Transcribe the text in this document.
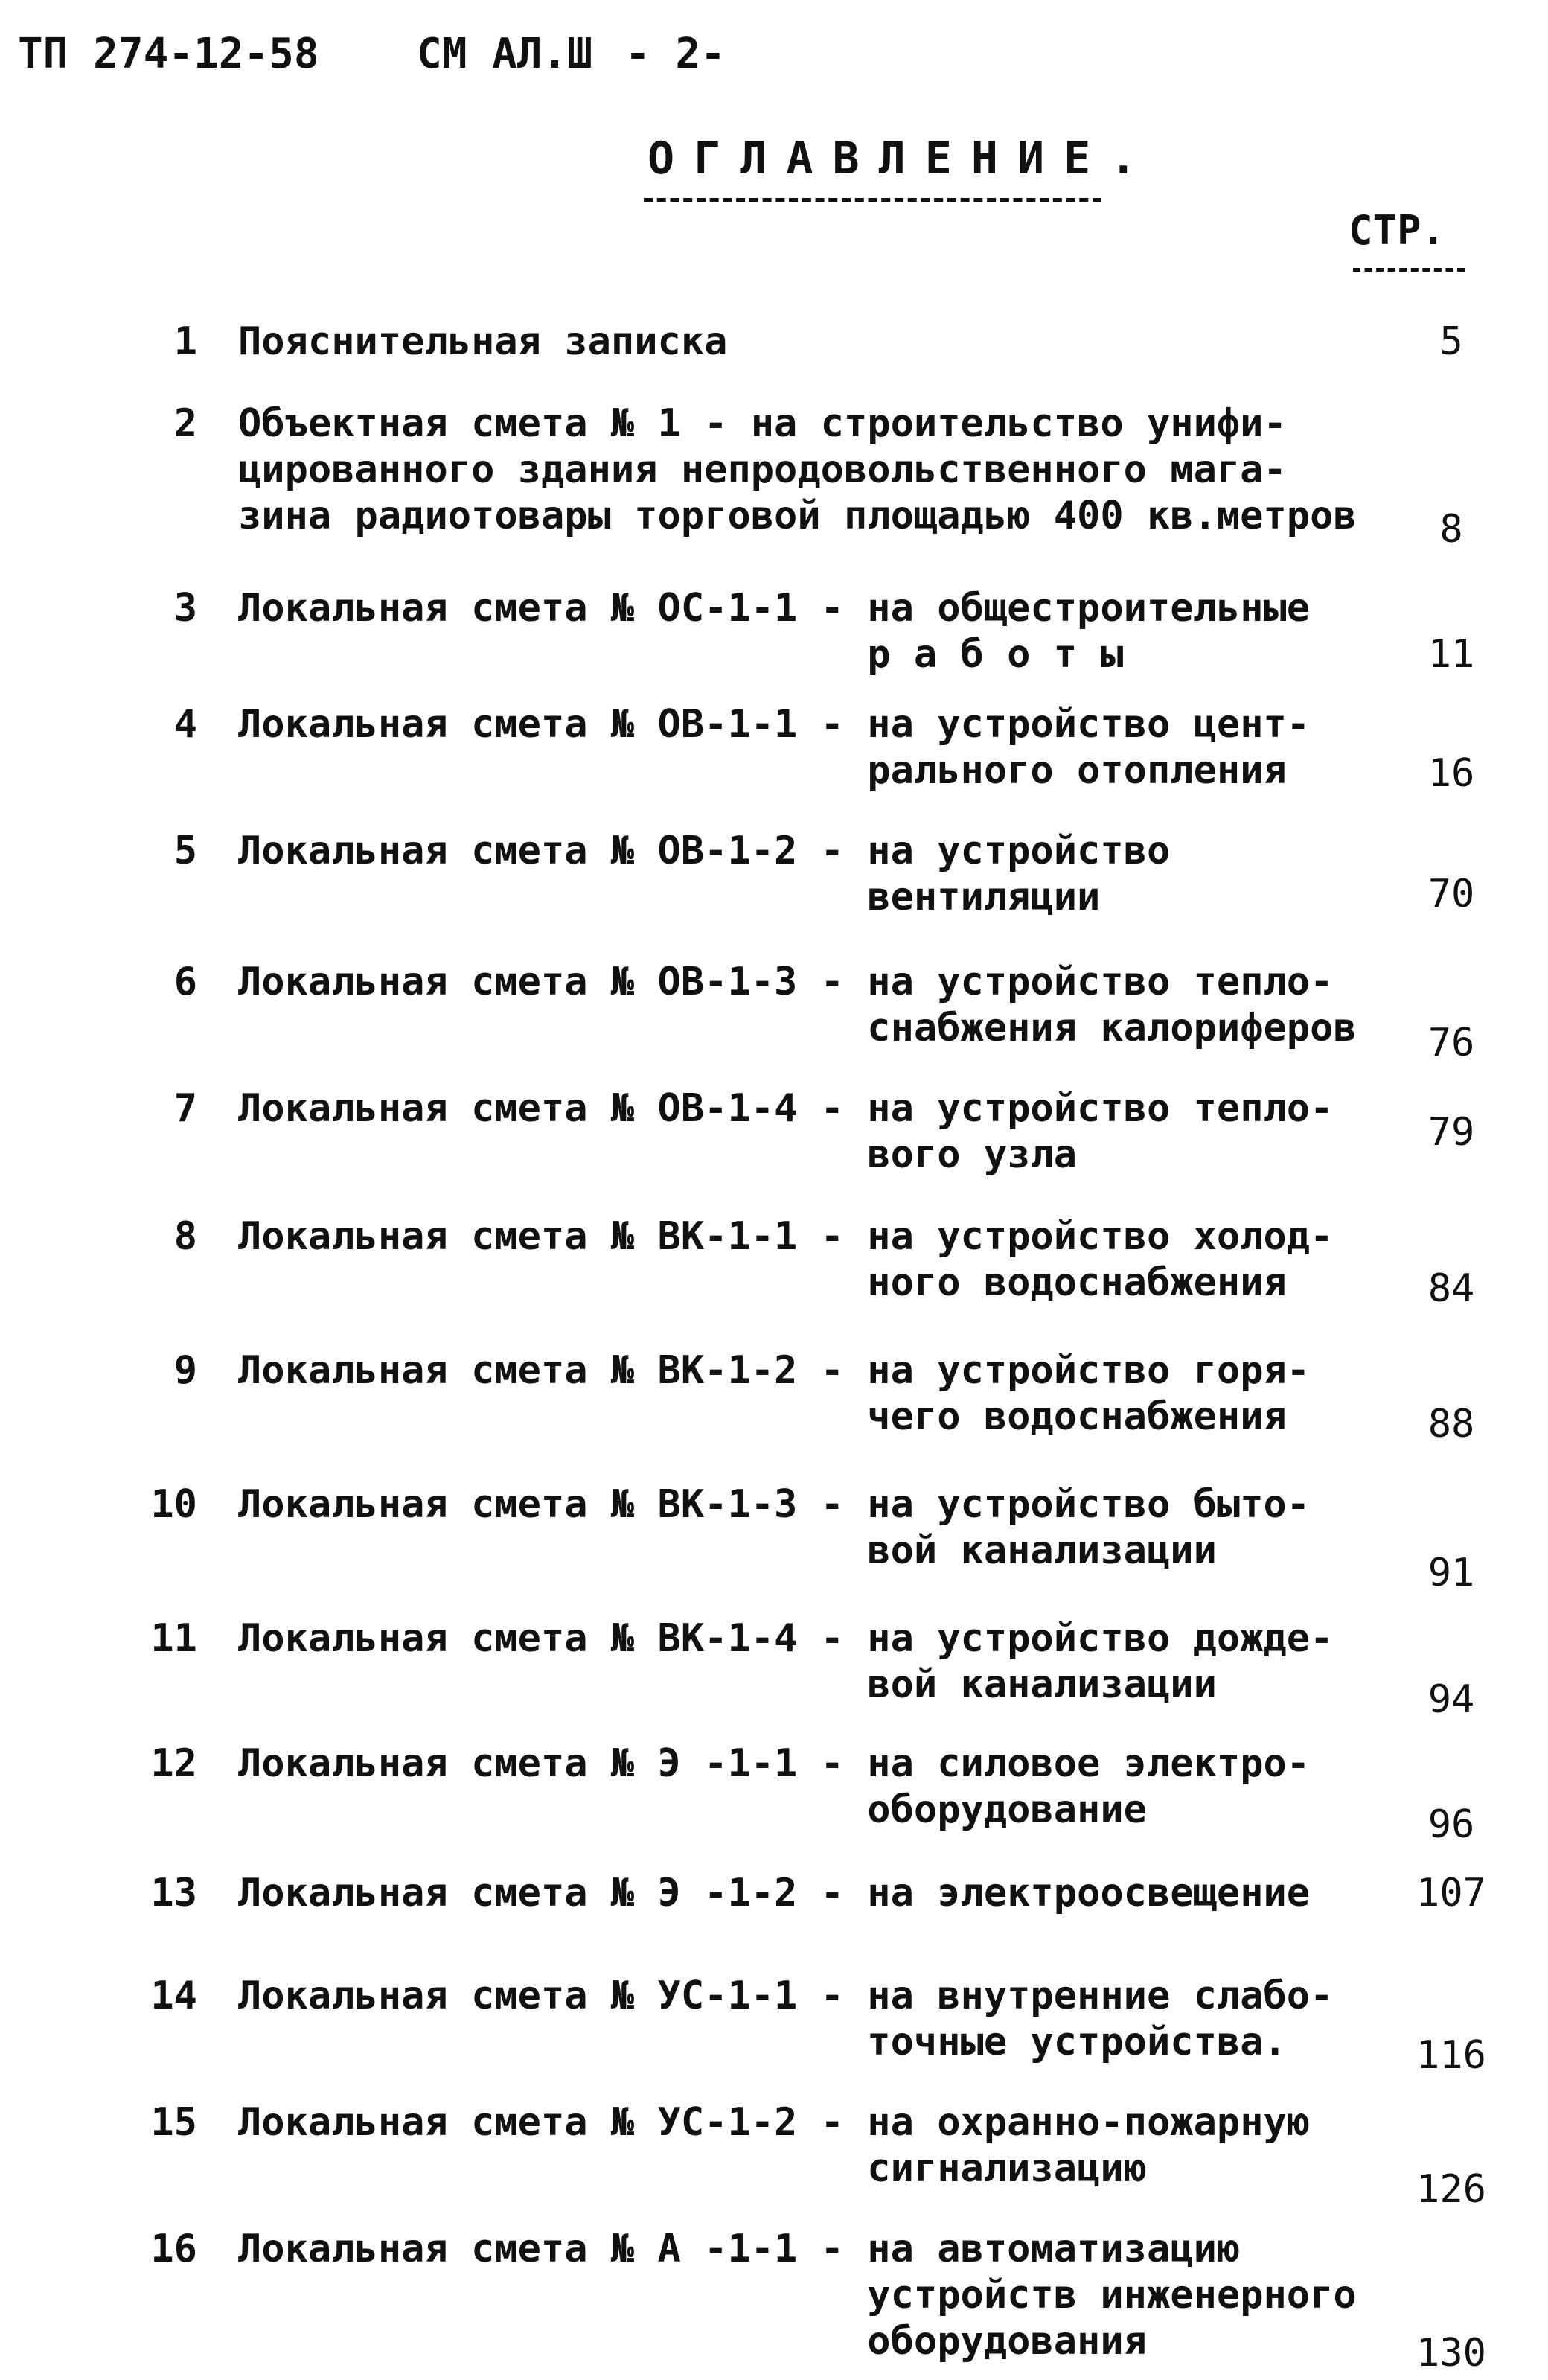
ТП 274-12-58 СМ АЛ.Ш - 2-
ОГЛАВЛЕНИЕ.
СТР.
1 Пояснительная записка	5
2 Объектная смета № 1 - на строительство унифи-
цированного здания непродовольственного мага-
зина радиотовары торговой площадью 400 кв.метров	8
3 Локальная смета № ОС-1-1 - на общестроительные
р а б о т ы	11
4 Локальная смета № ОВ-1-1 - на устройство цент-
рального отопления	16
5 Локальная смета № ОВ-1-2 - на устройство
вентиляции	70
6 Локальная смета № ОВ-1-3 - на устройство тепло-
снабжения калориферов	76
7 Локальная смета № ОВ-1-4 - на устройство тепло-
вого узла	79
8 Локальная смета № ВК-1-1 - на устройство холод-
ного водоснабжения	84
9 Локальная смета № ВК-1-2 - на устройство горя-
чего водоснабжения	88
10 Локальная смета № ВК-1-3 - на устройство быто-
вой канализации	91
11 Локальная смета № ВК-1-4 - на устройство дожде-
вой канализации	94
12 Локальная смета № Э -1-1 - на силовое электро-
оборудование	96
13 Локальная смета № Э -1-2 - на электроосвещение	107
14 Локальная смета № УС-1-1 - на внутренние слабо-
точные устройства.	116
15 Локальная смета № УС-1-2 - на охранно-пожарную
сигнализацию	126
16 Локальная смета № А -1-1 - на автоматизацию
устройств инженерного
оборудования	130
